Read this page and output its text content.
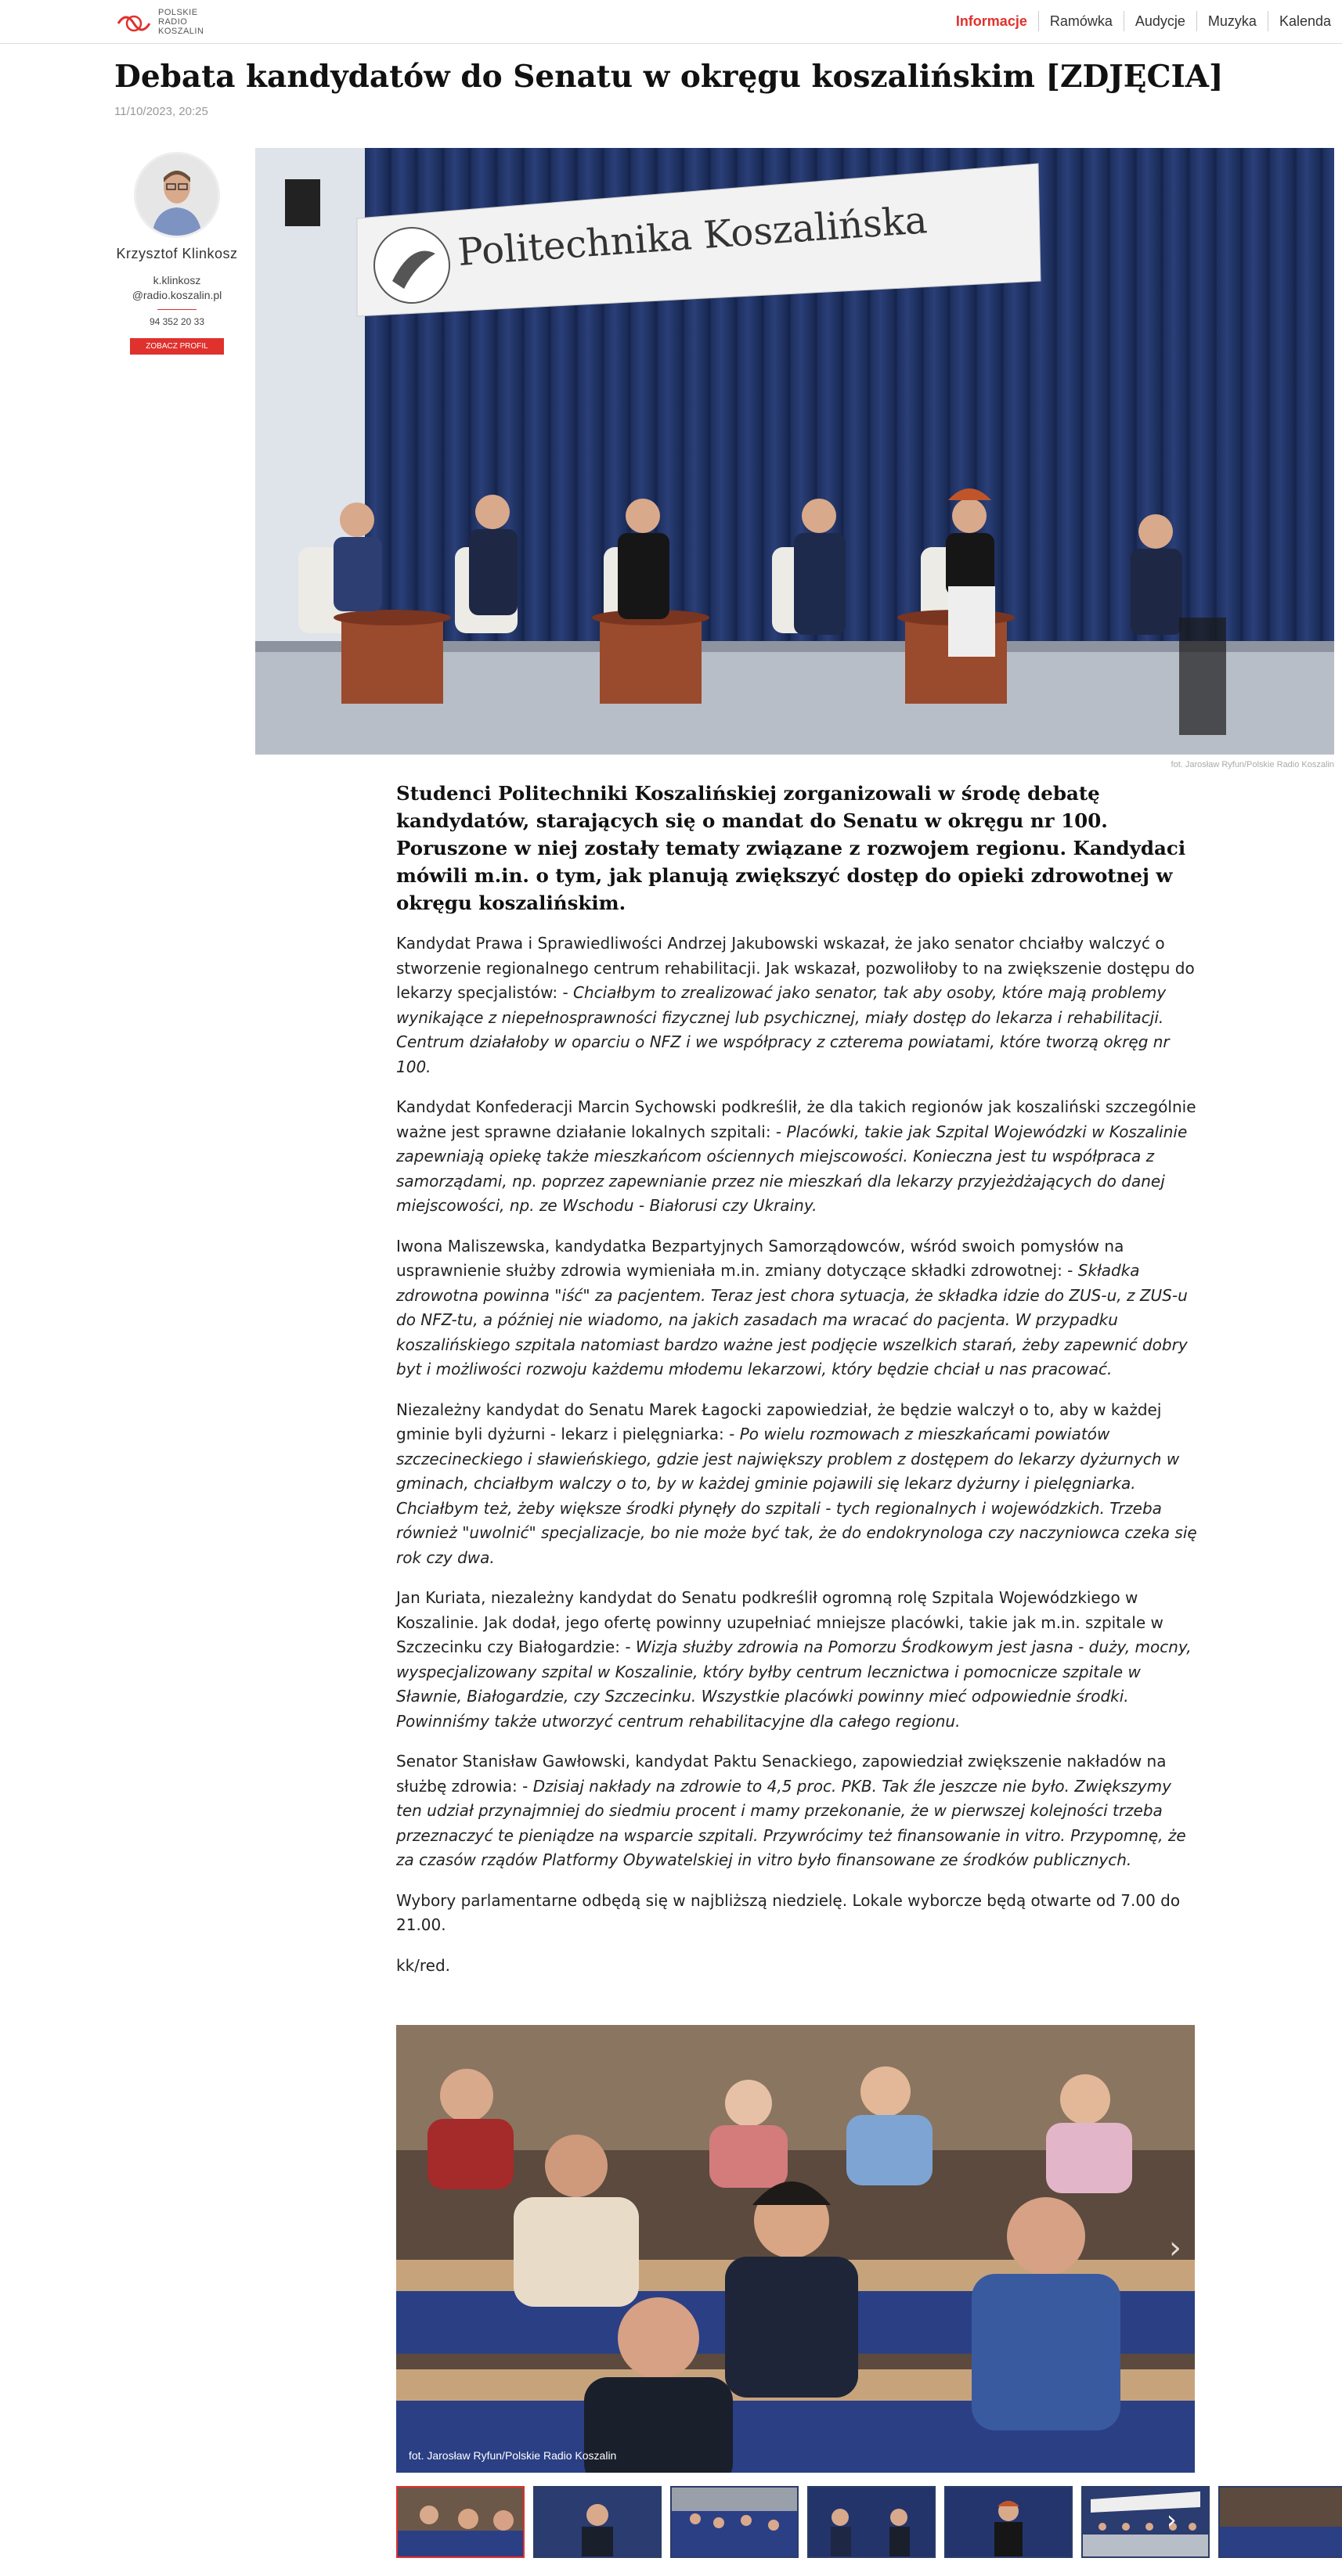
POLSKIE
RADIO
KOSZALIN
Informacje	Ramówka	Audycje	Muzyka	Kalenda
Debata kandydatów do Senatu w okręgu koszalińskim [ZDJĘCIA]
11/10/2023, 20:25
Krzysztof Klinkosz
k.klinkosz
@radio.koszalin.pl
94 352 20 33
ZOBACZ PROFIL
Politechnika Koszalińska
fot. Jarosław Ryfun/Polskie Radio Koszalin

Studenci Politechniki Koszalińskiej zorganizowali w środę debatę kandydatów, starających się o mandat do Senatu w okręgu nr 100. Poruszone w niej zostały tematy związane z rozwojem regionu. Kandydaci mówili m.in. o tym, jak planują zwiększyć dostęp do opieki zdrowotnej w okręgu koszalińskim.

Kandydat Prawa i Sprawiedliwości Andrzej Jakubowski wskazał, że jako senator chciałby walczyć o stworzenie regionalnego centrum rehabilitacji. Jak wskazał, pozwoliłoby to na zwiększenie dostępu do lekarzy specjalistów: - Chciałbym to zrealizować jako senator, tak aby osoby, które mają problemy wynikające z niepełnosprawności fizycznej lub psychicznej, miały dostęp do lekarza i rehabilitacji. Centrum działałoby w oparciu o NFZ i we współpracy z czterema powiatami, które tworzą okręg nr 100.

Kandydat Konfederacji Marcin Sychowski podkreślił, że dla takich regionów jak koszaliński szczególnie ważne jest sprawne działanie lokalnych szpitali: - Placówki, takie jak Szpital Wojewódzki w Koszalinie zapewniają opiekę także mieszkańcom ościennych miejscowości. Konieczna jest tu współpraca z samorządami, np. poprzez zapewnianie przez nie mieszkań dla lekarzy przyjeżdżających do danej miejscowości, np. ze Wschodu - Białorusi czy Ukrainy.

Iwona Maliszewska, kandydatka Bezpartyjnych Samorządowców, wśród swoich pomysłów na usprawnienie służby zdrowia wymieniała m.in. zmiany dotyczące składki zdrowotnej: - Składka zdrowotna powinna "iść" za pacjentem. Teraz jest chora sytuacja, że składka idzie do ZUS-u, z ZUS-u do NFZ-tu, a później nie wiadomo, na jakich zasadach ma wracać do pacjenta. W przypadku koszalińskiego szpitala natomiast bardzo ważne jest podjęcie wszelkich starań, żeby zapewnić dobry byt i możliwości rozwoju każdemu młodemu lekarzowi, który będzie chciał u nas pracować.

Niezależny kandydat do Senatu Marek Łagocki zapowiedział, że będzie walczył o to, aby w każdej gminie byli dyżurni - lekarz i pielęgniarka: - Po wielu rozmowach z mieszkańcami powiatów szczecineckiego i sławieńskiego, gdzie jest największy problem z dostępem do lekarzy dyżurnych w gminach, chciałbym walczy o to, by w każdej gminie pojawili się lekarz dyżurny i pielęgniarka. Chciałbym też, żeby większe środki płynęły do szpitali - tych regionalnych i wojewódzkich. Trzeba również "uwolnić" specjalizacje, bo nie może być tak, że do endokrynologa czy naczyniowca czeka się rok czy dwa.

Jan Kuriata, niezależny kandydat do Senatu podkreślił ogromną rolę Szpitala Wojewódzkiego w Koszalinie. Jak dodał, jego ofertę powinny uzupełniać mniejsze placówki, takie jak m.in. szpitale w Szczecinku czy Białogardzie: - Wizja służby zdrowia na Pomorzu Środkowym jest jasna - duży, mocny, wyspecjalizowany szpital w Koszalinie, który byłby centrum lecznictwa i pomocnicze szpitale w Sławnie, Białogardzie, czy Szczecinku. Wszystkie placówki powinny mieć odpowiednie środki. Powinniśmy także utworzyć centrum rehabilitacyjne dla całego regionu.

Senator Stanisław Gawłowski, kandydat Paktu Senackiego, zapowiedział zwiększenie nakładów na służbę zdrowia: - Dzisiaj nakłady na zdrowie to 4,5 proc. PKB. Tak źle jeszcze nie było. Zwiększymy ten udział przynajmniej do siedmiu procent i mamy przekonanie, że w pierwszej kolejności trzeba przeznaczyć te pieniądze na wsparcie szpitali. Przywrócimy też finansowanie in vitro. Przypomnę, że za czasów rządów Platformy Obywatelskiej in vitro było finansowane ze środków publicznych.

Wybory parlamentarne odbędą się w najbliższą niedzielę. Lokale wyborcze będą otwarte od 7.00 do 21.00.

kk/red.

fot. Jarosław Ryfun/Polskie Radio Koszalin
›
›
